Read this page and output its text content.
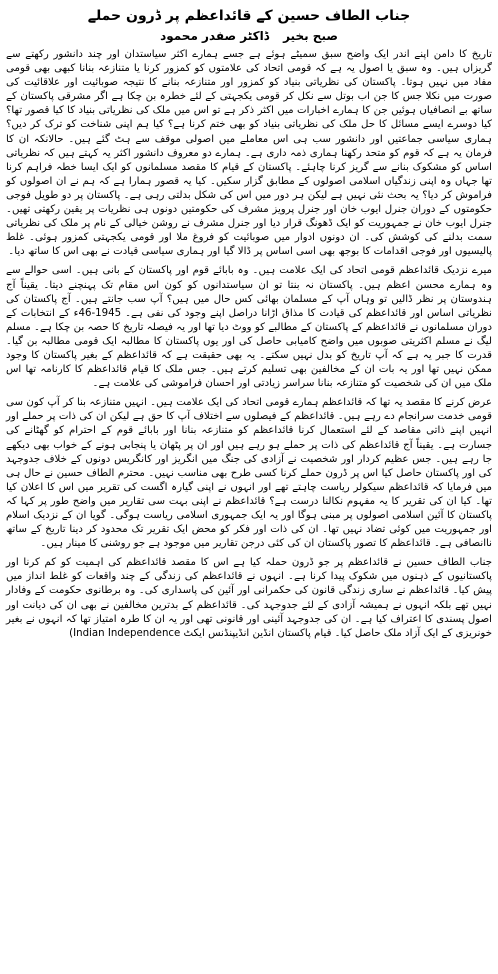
جناب الطاف حسین کے قائداعظم پر ڈرون حملے
صبح بخیر
ڈاکٹر صفدر محمود

تاریخ کا دامن اپنے اندر ایک واضح سبق سمیٹے ہوئے ہے جسے ہمارے اکثر سیاستدان اور چند دانشور رکھتے سے گریزاں ہیں۔ وہ سبق یا اصول یہ ہے کہ قومی اتحاد کی علامتوں کو کمزور کرنا یا متنازعہ بنانا کبھی بھی قومی مفاد میں نہیں ہوتا۔ پاکستان کی نظریاتی بنیاد کو کمزور اور متنازعہ بنانے کا نتیجہ صوبائیت اور علاقائیت کی صورت میں نکلا جس کا جن اب بوتل سے نکل کر قومی یکجہتی کے لئے خطرہ بن چکا ہے اگر مشرقی پاکستان کے ساتھ بے انصافیاں ہوئیں جن کا ہمارے اخبارات میں اکثر ذکر ہے تو اس میں ملک کی نظریاتی بنیاد کا کیا قصور تھا؟ کیا دوسرے ایسے مسائل کا حل ملک کی نظریاتی بنیاد کو بھی ختم کرنا ہے؟ کیا ہم اپنی شناخت کو ترک کر دیں؟ ہماری سیاسی جماعتیں اور دانشور سب ہی اس معاملے میں اصولی موقف سے ہٹ گئے ہیں۔ حالانکہ ان کا فرمان یہ ہے کہ قوم کو متحد رکھنا ہماری ذمہ داری ہے۔ ہمارے دو معروف دانشور اکثر یہ کہتے ہیں کہ نظریاتی اساس کو مشکوک بنانے سے گریز کرنا چاہئے۔ پاکستان کے قیام کا مقصد مسلمانوں کو ایک ایسا خطہ فراہم کرنا تھا جہاں وہ اپنی زندگیاں اسلامی اصولوں کے مطابق گزار سکیں۔ کیا یہ قصور ہمارا ہے کہ ہم نے ان اصولوں کو فراموش کر دیا؟ یہ بحث نئی نہیں ہے لیکن ہر دور میں اس کی شکل بدلتی رہی ہے۔ پاکستان پر دو طویل فوجی حکومتوں کے دوران جنرل ایوب خان اور جنرل پرویز مشرف کی حکومتیں دونوں ہی نظریات پر یقین رکھتی تھیں۔ جنرل ایوب خان نے جمہوریت کو ایک ڈھونگ قرار دیا اور جنرل مشرف نے روشن خیالی کے نام پر ملک کی نظریاتی سمت بدلنے کی کوشش کی۔ ان دونوں ادوار میں صوبائیت کو فروغ ملا اور قومی یکجہتی کمزور ہوئی۔ غلط پالیسیوں اور فوجی اقدامات کا بوجھ بھی اسی اساس پر ڈالا گیا اور ہماری سیاسی قیادت نے بھی اس کا ساتھ دیا۔

میرے نزدیک قائداعظم قومی اتحاد کی ایک علامت ہیں۔ وہ بابائے قوم اور پاکستان کے بانی ہیں۔ اسی حوالے سے وہ ہمارے محسن اعظم ہیں۔ پاکستان نہ بنتا تو ان سیاستدانوں کو کون اس مقام تک پہنچنے دیتا۔ یقیناً آج ہندوستان پر نظر ڈالیں تو وہاں آپ کے مسلمان بھائی کس حال میں ہیں؟ آپ سب جانتے ہیں۔ آج پاکستان کی نظریاتی اساس اور قائداعظم کی قیادت کا مذاق اڑانا دراصل اپنے وجود کی نفی ہے۔ 1945-46ء کے انتخابات کے دوران مسلمانوں نے قائداعظم کے پاکستان کے مطالبے کو ووٹ دیا تھا اور یہ فیصلہ تاریخ کا حصہ بن چکا ہے۔ مسلم لیگ نے مسلم اکثریتی صوبوں میں واضح کامیابی حاصل کی اور یوں پاکستان کا مطالبہ ایک قومی مطالبہ بن گیا۔ قدرت کا جبر یہ ہے کہ آپ تاریخ کو بدل نہیں سکتے۔ یہ بھی حقیقت ہے کہ قائداعظم کے بغیر پاکستان کا وجود ممکن نہیں تھا اور یہ بات ان کے مخالفین بھی تسلیم کرتے ہیں۔ جس ملک کا قیام قائداعظم کا کارنامہ تھا اس ملک میں ان کی شخصیت کو متنازعہ بنانا سراسر زیادتی اور احسان فراموشی کی علامت ہے۔

عرض کرنے کا مقصد یہ تھا کہ قائداعظم ہمارے قومی اتحاد کی ایک علامت ہیں۔ انہیں متنازعہ بنا کر آپ کون سی قومی خدمت سرانجام دے رہے ہیں۔ قائداعظم کے فیصلوں سے اختلاف آپ کا حق ہے لیکن ان کی ذات پر حملے اور انہیں اپنے ذاتی مقاصد کے لئے استعمال کرنا قائداعظم کو متنازعہ بنانا اور بابائے قوم کے احترام کو گھٹانے کی جسارت ہے۔ یقیناً آج قائداعظم کی ذات پر حملے ہو رہے ہیں اور ان پر پٹھان یا پنجابی ہونے کے خواب بھی دیکھے جا رہے ہیں۔ جس عظیم کردار اور شخصیت نے آزادی کی جنگ میں انگریز اور کانگریس دونوں کے خلاف جدوجہد کی اور پاکستان حاصل کیا اس پر ڈرون حملے کرنا کسی طرح بھی مناسب نہیں۔ محترم الطاف حسین نے حال ہی میں فرمایا کہ قائداعظم سیکولر ریاست چاہتے تھے اور انہوں نے اپنی گیارہ اگست کی تقریر میں اس کا اعلان کیا تھا۔ کیا ان کی تقریر کا یہ مفہوم نکالنا درست ہے؟ قائداعظم نے اپنی بہت سی تقاریر میں واضح طور پر کہا کہ پاکستان کا آئین اسلامی اصولوں پر مبنی ہوگا اور یہ ایک جمہوری اسلامی ریاست ہوگی۔ گویا ان کے نزدیک اسلام اور جمہوریت میں کوئی تضاد نہیں تھا۔ ان کی ذات اور فکر کو محض ایک تقریر تک محدود کر دینا تاریخ کے ساتھ ناانصافی ہے۔ قائداعظم کا تصور پاکستان ان کی کئی درجن تقاریر میں موجود ہے جو روشنی کا مینار ہیں۔

جناب الطاف حسین نے قائداعظم پر جو ڈرون حملہ کیا ہے اس کا مقصد قائداعظم کی اہمیت کو کم کرنا اور پاکستانیوں کے ذہنوں میں شکوک پیدا کرنا ہے۔ انہوں نے قائداعظم کی زندگی کے چند واقعات کو غلط انداز میں پیش کیا۔ قائداعظم نے ساری زندگی قانون کی حکمرانی اور آئین کی پاسداری کی۔ وہ برطانوی حکومت کے وفادار نہیں تھے بلکہ انہوں نے ہمیشہ آزادی کے لئے جدوجہد کی۔ قائداعظم کے بدترین مخالفین نے بھی ان کی دیانت اور اصول پسندی کا اعتراف کیا ہے۔ ان کی جدوجہد آئینی اور قانونی تھی اور یہ ان کا طرہ امتیاز تھا کہ انہوں نے بغیر خونریزی کے ایک آزاد ملک حاصل کیا۔ قیام پاکستان انڈین انڈیپنڈنس ایکٹ (Indian Independence
